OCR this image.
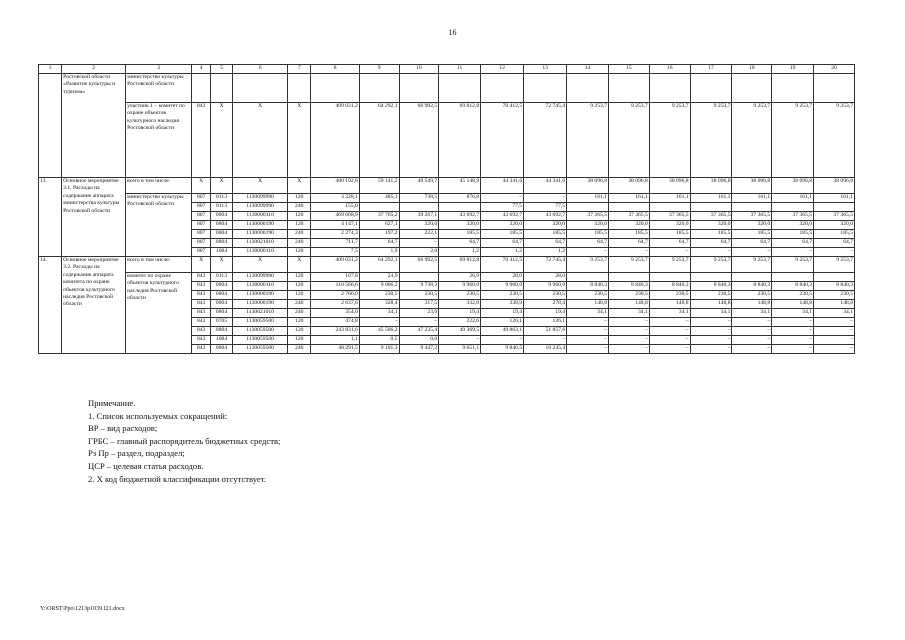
16
1	2	3	4	5	6	7	8	9	10	11	12	13	14	15	16	17	18	19	20
	Ростовской области «Развитие культуры и туризма»	министерство культуры Ростовской области																	
		участник 1 – комитет по охране объектов культурного наследия Ростовской области	843	Х	Х	Х	409 031,2	64 292,1	66 992,5	69 812,8	70 412,5	72 745,4	9 253,7	9 253,7	9 253,7	9 253,7	9 253,7	9 253,7	9 253,7
13.	Основное мероприятие 3.1. Расходы на содержание аппарата министерства культуры Ростовской области	всего в том числе:	Х	Х	Х	Х	480 192,6	59 141,2	40 549,7	45 148,9	44 341,6	44 341,6	38 096,8	38 096,8	38 096,8	38 096,8	38 096,8	38 096,8	38 096,8
		министерство культуры Ростовской области	807	0113	1130099990	120	3 228,1	485,1	738,5	876,8	–	–	161,1	161,1	161,1	161,1	161,1	161,1	161,1
			807	0113	1130099990	240	155,0				77,5	77,5							
			807	0804	1130000110	120	469 668,9	37 765,2	39 267,1	43 692,7	43 692,7	43 692,7	37 365,5	37 365,5	37 365,5	37 365,5	37 365,5	37 365,5	37 365,5
			807	0804	1130000190	120	4 147,1	627,1	320,0	320,0	320,0	320,0	320,0	320,0	320,0	320,0	320,0	320,0	320,0
			807	0804	1130000190	240	2 274,3	197,2	222,1	185,5	185,5	185,5	185,5	185,5	185,5	185,5	185,5	185,5	185,5
			807	0804	1130021010	240	711,7	64,7	–	64,7	64,7	64,7	64,7	64,7	64,7	64,7	64,7	64,7	64,7
			807	1004	1130000110	120	7,5	1,9	2,0	1,2	1,2	1,2	–	–	–	–	–	–	–
14.	Основное мероприятие 3.2. Расходы на содержание аппарата комитета по охране объектов культурного наследия Ростовской области	всего в том числе:	Х	Х	Х	Х	409 031,2	64 292,1	66 992,5	69 812,8	70 412,5	72 745,4	9 253,7	9 253,7	9 253,7	9 253,7	9 253,7	9 253,7	9 253,7
		комитет по охране объектов культурного наследия Ростовской области	843	0113	1130099990	120	107,8	24,9		26,9	28,0	28,0							
			843	0804	1130000110	120	110 566,6	9 066,2	9 738,3	9 960,0	9 960,0	9 960,0	8 840,3	8 840,3	8 840,3	8 840,3	8 840,3	8 840,3	8 840,3
			843	0804	1130000190	120	2 766,0	230,5	230,5	230,5	230,5	230,5	230,5	230,5	230,5	230,5	230,5	230,5	230,5
			843	0804	1130000190	240	2 637,6	328,4	317,5	332,8	338,9	278,4	148,8	148,8	148,8	148,8	148,8	148,8	148,8
			843	0804	1130021010	240	354,0	34,1	23,0	19,4	19,4	19,4	34,1	34,1	34,1	34,1	34,1	34,1	34,1
			843	0705	1130059500	120	474,8	–	–	222,6	126,1	126,1	–	–	–	–	–	–	–
			843	0804	1130059500	120	243 831,6	45 506,2	47 235,4	49 369,5	49 863,1	51 857,6	–	–	–	–	–	–	–
			843	1004	1130059500	120	1,1	0,5	0,6	–	–	–	–	–	–	–	–	–	–
			843	0804	1130059500	240	48 291,5	9 101,3	9 447,2	9 651,1	9 846,5	10 245,4	–	–	–	–	–	–	–
Примечание.
1. Список используемых сокращений:
ВР – вид расходов;
ГРБС – главный распорядитель бюджетных средств;
Рз Пр – раздел, подраздел;
ЦСР – целевая статья расходов.
2. Х код бюджетной классификации отсутствует.
Y:\ORST\Ppo\1213p1039.f21.docx
